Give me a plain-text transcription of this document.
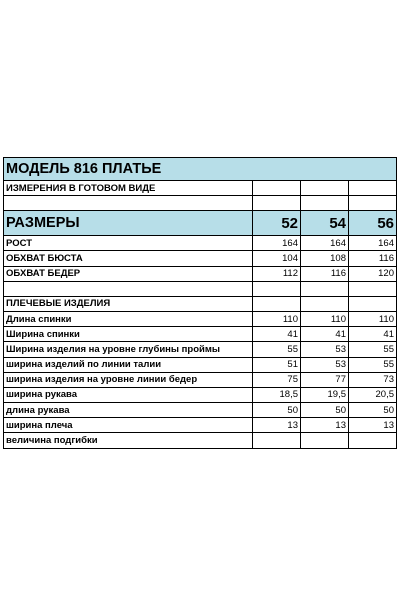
МОДЕЛЬ 816 ПЛАТЬЕ			
ИЗМЕРЕНИЯ В ГОТОВОМ ВИДЕ			

РАЗМЕРЫ	52	54	56
РОСТ	164	164	164
ОБХВАТ БЮСТА	104	108	116
ОБХВАТ БЕДЕР	112	116	120

ПЛЕЧЕВЫЕ ИЗДЕЛИЯ			
Длина спинки	110	110	110
Ширина спинки	41	41	41
Ширина изделия на уровне глубины проймы	55	53	55
ширина изделий по линии талии	51	53	55
ширина изделия на уровне линии бедер	75	77	73
ширина рукава	18,5	19,5	20,5
длина рукава	50	50	50
ширина плеча	13	13	13
величина подгибки			
